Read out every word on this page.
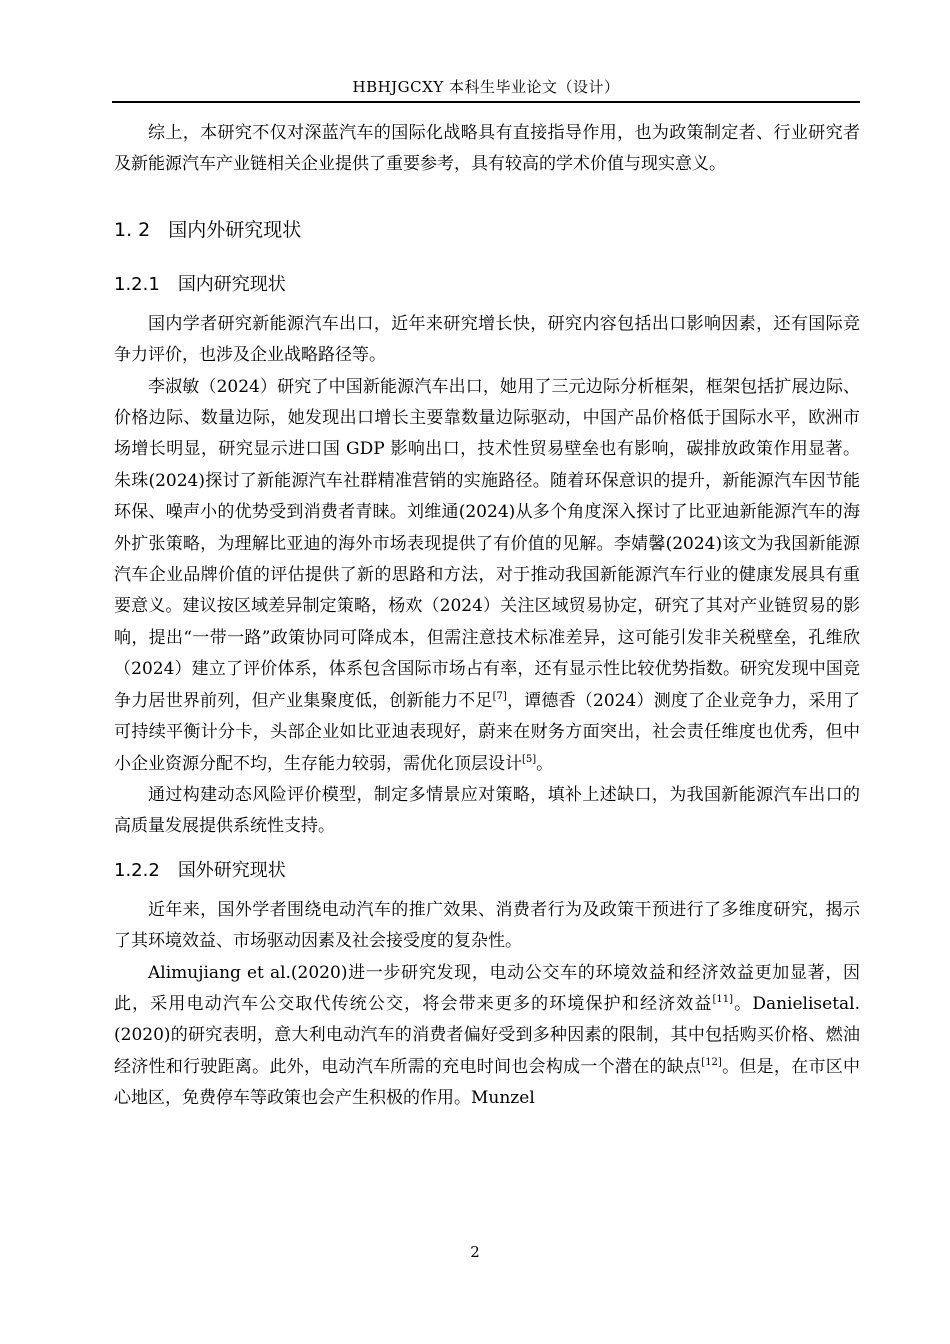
HBHJGCXY 本科生毕业论文（设计）

综上，本研究不仅对深蓝汽车的国际化战略具有直接指导作用，也为政策制定者、行业研究者及新能源汽车产业链相关企业提供了重要参考，具有较高的学术价值与现实意义。

1. 2 国内外研究现状
1.2.1 国内研究现状

国内学者研究新能源汽车出口，近年来研究增长快，研究内容包括出口影响因素，还有国际竞争力评价，也涉及企业战略路径等。

李淑敏（2024）研究了中国新能源汽车出口，她用了三元边际分析框架，框架包括扩展边际、价格边际、数量边际，她发现出口增长主要靠数量边际驱动，中国产品价格低于国际水平，欧洲市场增长明显，研究显示进口国 GDP 影响出口，技术性贸易壁垒也有影响，碳排放政策作用显著。朱珠(2024)探讨了新能源汽车社群精准营销的实施路径。随着环保意识的提升，新能源汽车因节能环保、噪声小的优势受到消费者青睐。刘维通(2024)从多个角度深入探讨了比亚迪新能源汽车的海外扩张策略，为理解比亚迪的海外市场表现提供了有价值的见解。李婧馨(2024)该文为我国新能源汽车企业品牌价值的评估提供了新的思路和方法，对于推动我国新能源汽车行业的健康发展具有重要意义。建议按区域差异制定策略，杨欢（2024）关注区域贸易协定，研究了其对产业链贸易的影响，提出“一带一路”政策协同可降成本，但需注意技术标准差异，这可能引发非关税壁垒，孔维欣（2024）建立了评价体系，体系包含国际市场占有率，还有显示性比较优势指数。研究发现中国竞争力居世界前列，但产业集聚度低，创新能力不足[7]，谭德香（2024）测度了企业竞争力，采用了可持续平衡计分卡，头部企业如比亚迪表现好，蔚来在财务方面突出，社会责任维度也优秀，但中小企业资源分配不均，生存能力较弱，需优化顶层设计[5]。

通过构建动态风险评价模型，制定多情景应对策略，填补上述缺口，为我国新能源汽车出口的高质量发展提供系统性支持。

1.2.2 国外研究现状

近年来，国外学者围绕电动汽车的推广效果、消费者行为及政策干预进行了多维度研究，揭示了其环境效益、市场驱动因素及社会接受度的复杂性。

Alimujiang et al.(2020)进一步研究发现，电动公交车的环境效益和经济效益更加显著，因此，采用电动汽车公交取代传统公交，将会带来更多的环境保护和经济效益[11]。Danielisetal.(2020)的研究表明，意大利电动汽车的消费者偏好受到多种因素的限制，其中包括购买价格、燃油经济性和行驶距离。此外，电动汽车所需的充电时间也会构成一个潜在的缺点[12]。但是，在市区中心地区，免费停车等政策也会产生积极的作用。Munzel

2
